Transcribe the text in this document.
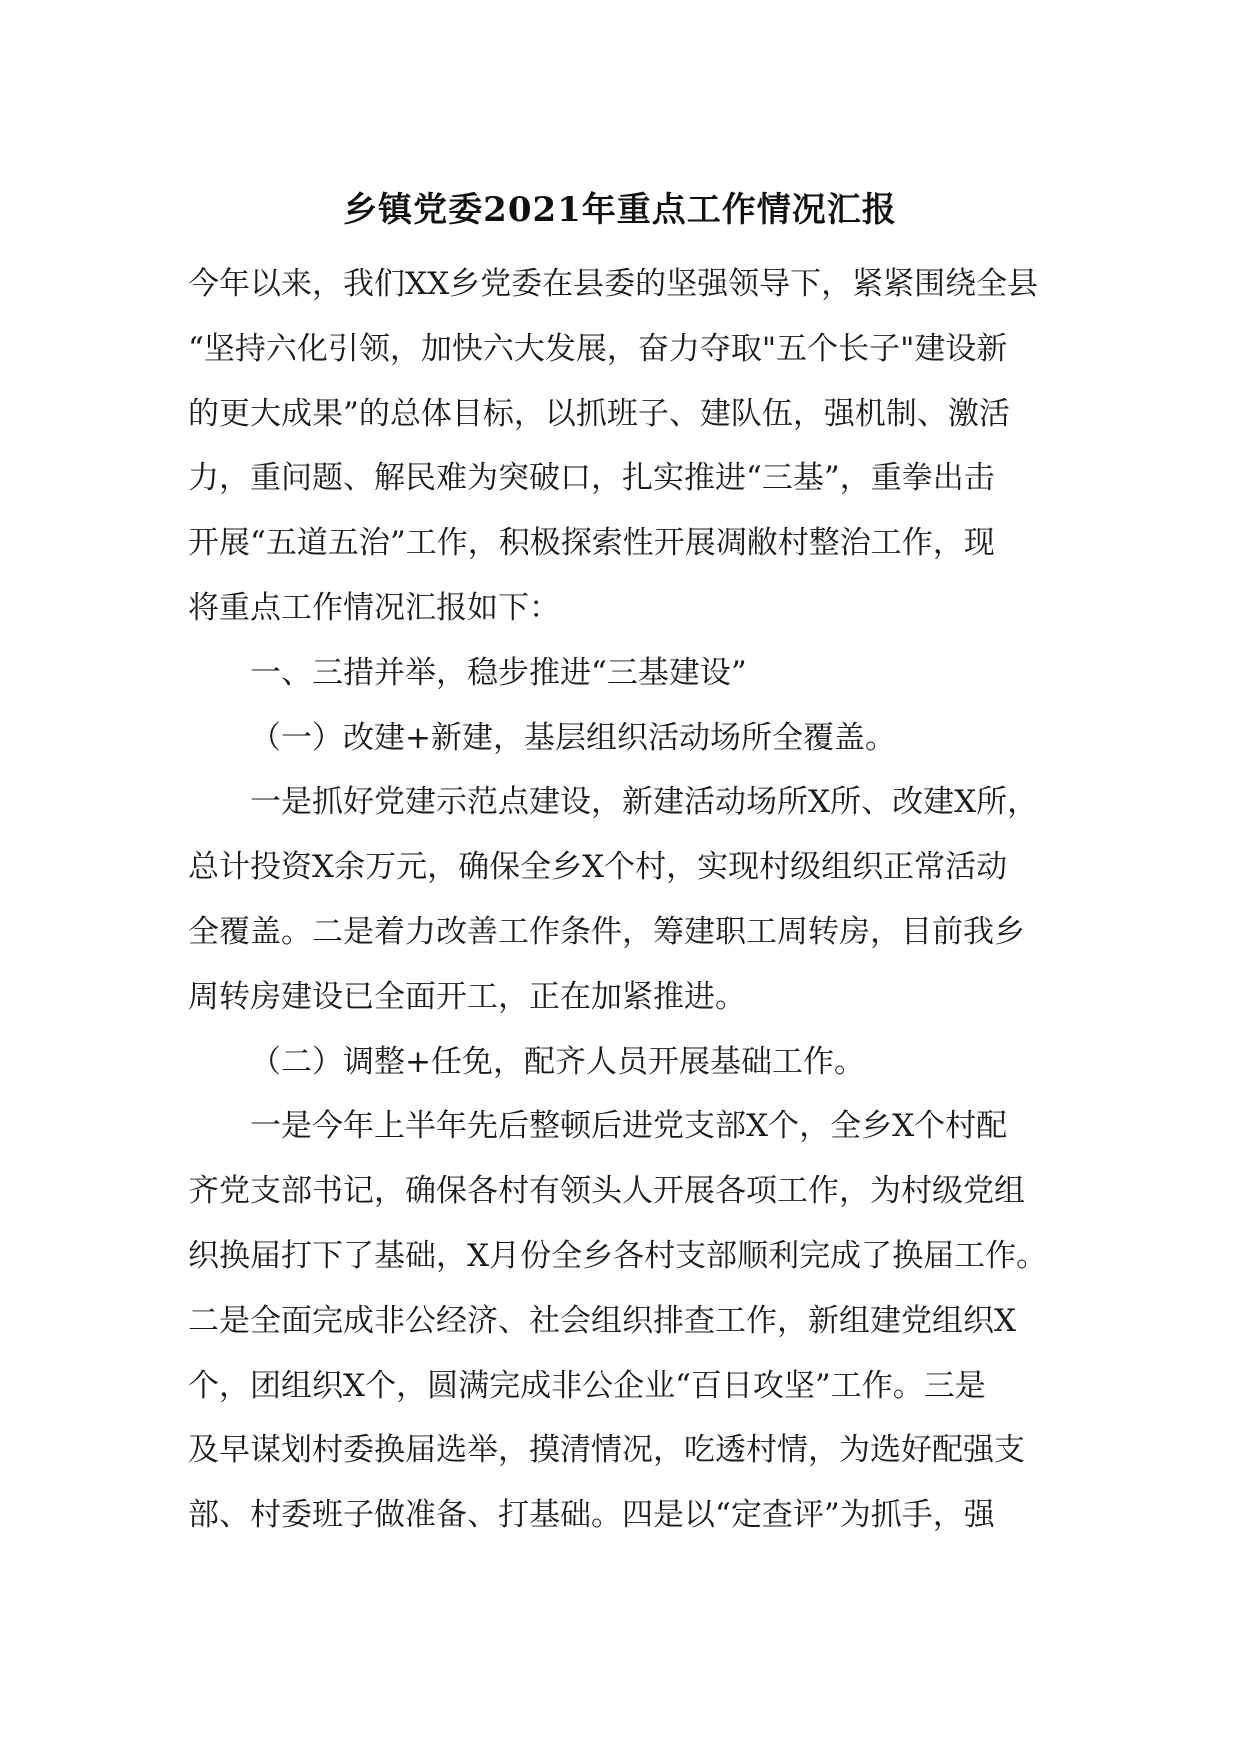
乡镇党委2021年重点工作情况汇报
今年以来，我们XX乡党委在县委的坚强领导下，紧紧围绕全县
“坚持六化引领，加快六大发展，奋力夺取"五个长子"建设新
的更大成果”的总体目标，以抓班子、建队伍，强机制、激活
力，重问题、解民难为突破口，扎实推进“三基”，重拳出击
开展“五道五治”工作，积极探索性开展凋敝村整治工作，现
将重点工作情况汇报如下：
一、三措并举，稳步推进“三基建设”
（一）改建+新建，基层组织活动场所全覆盖。
一是抓好党建示范点建设，新建活动场所X所、改建X所，
总计投资X余万元，确保全乡X个村，实现村级组织正常活动
全覆盖。二是着力改善工作条件，筹建职工周转房，目前我乡
周转房建设已全面开工，正在加紧推进。
（二）调整+任免，配齐人员开展基础工作。
一是今年上半年先后整顿后进党支部X个，全乡X个村配
齐党支部书记，确保各村有领头人开展各项工作，为村级党组
织换届打下了基础，X月份全乡各村支部顺利完成了换届工作。
二是全面完成非公经济、社会组织排查工作，新组建党组织X
个，团组织X个，圆满完成非公企业“百日攻坚”工作。三是
及早谋划村委换届选举，摸清情况，吃透村情，为选好配强支
部、村委班子做准备、打基础。四是以“定查评”为抓手，强
